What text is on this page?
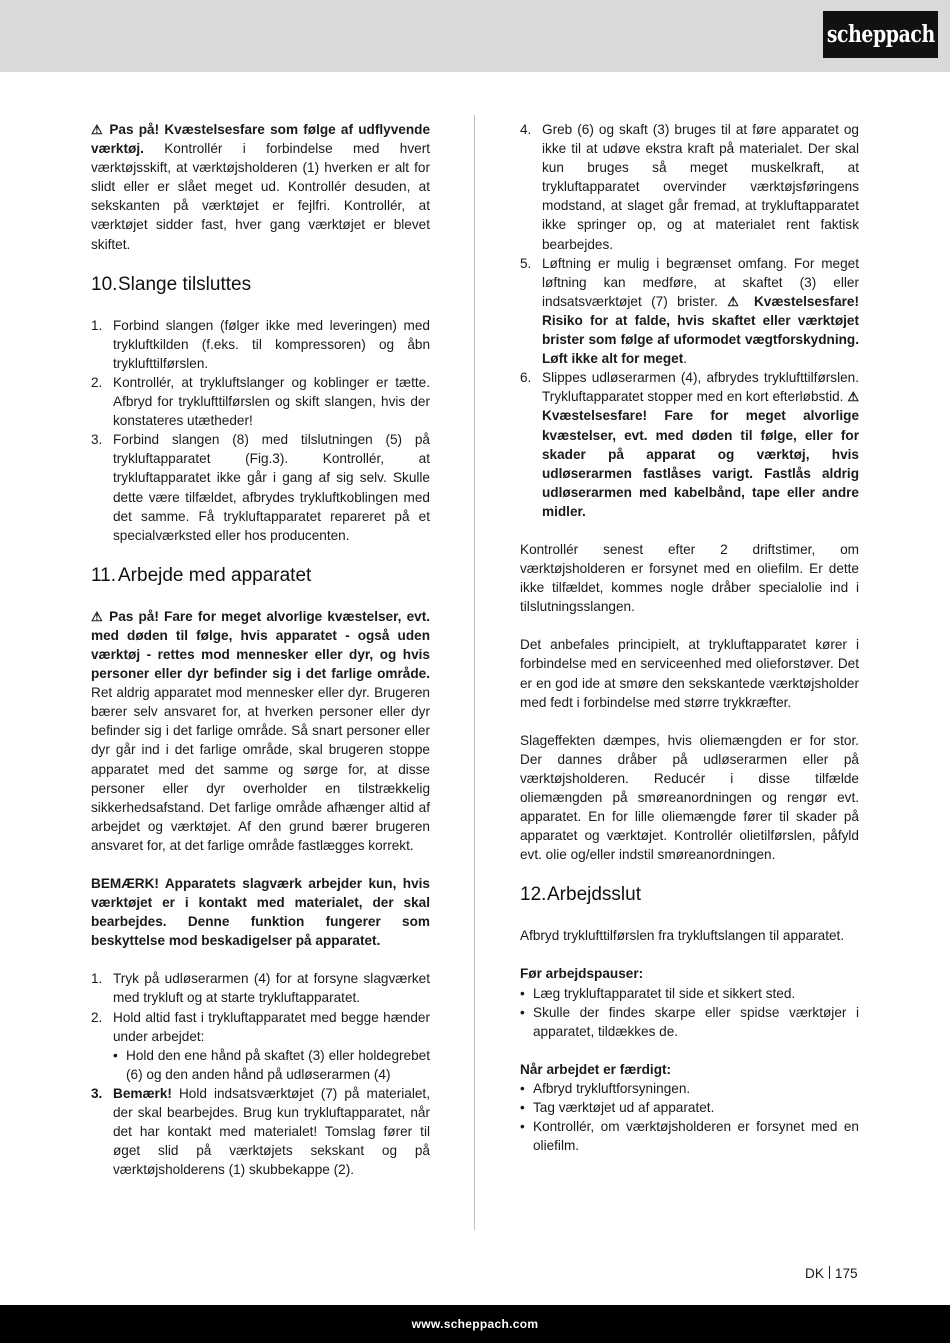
scheppach

⚠ Pas på! Kvæstelsesfare som følge af udflyvende værktøj. Kontrollér i forbindelse med hvert værktøjsskift, at værktøjsholderen (1) hverken er alt for slidt eller er slået meget ud. Kontrollér desuden, at sekskanten på værktøjet er fejlfri. Kontrollér, at værktøjet sidder fast, hver gang værktøjet er blevet skiftet.

10.Slange tilsluttes
1. Forbind slangen (følger ikke med leveringen) med trykluftkilden (f.eks. til kompressoren) og åbn tryklufttilførslen.
2. Kontrollér, at trykluftslanger og koblinger er tætte. Afbryd for tryklufttilførslen og skift slangen, hvis der konstateres utætheder!
3. Forbind slangen (8) med tilslutningen (5) på trykluftapparatet (Fig.3). Kontrollér, at trykluftapparatet ikke går i gang af sig selv. Skulle dette være tilfældet, afbrydes trykluftkoblingen med det samme. Få trykluftapparatet repareret på et specialværksted eller hos producenten.
11. Arbejde med apparatet

⚠ Pas på! Fare for meget alvorlige kvæstelser, evt. med døden til følge, hvis apparatet - også uden værktøj - rettes mod mennesker eller dyr, og hvis personer eller dyr befinder sig i det farlige område. Ret aldrig apparatet mod mennesker eller dyr. Brugeren bærer selv ansvaret for, at hverken personer eller dyr befinder sig i det farlige område. Så snart personer eller dyr går ind i det farlige område, skal brugeren stoppe apparatet med det samme og sørge for, at disse personer eller dyr overholder en tilstrækkelig sikkerhedsafstand. Det farlige område afhænger altid af arbejdet og værktøjet. Af den grund bærer brugeren ansvaret for, at det farlige område fastlægges korrekt.

BEMÆRK! Apparatets slagværk arbejder kun, hvis værktøjet er i kontakt med materialet, der skal bearbejdes. Denne funktion fungerer som beskyttelse mod beskadigelser på apparatet.

1. Tryk på udløserarmen (4) for at forsyne slagværket med trykluft og at starte trykluftapparatet.
2. Hold altid fast i trykluftapparatet med begge hænder under arbejdet:
• Hold den ene hånd på skaftet (3) eller holdegrebet (6) og den anden hånd på udløserarmen (4)
3. Bemærk! Hold indsatsværktøjet (7) på materialet, der skal bearbejdes. Brug kun trykluftapparatet, når det har kontakt med materialet! Tomslag fører til øget slid på værktøjets sekskant og på værktøjsholderens (1) skubbekappe (2).
4. Greb (6) og skaft (3) bruges til at føre apparatet og ikke til at udøve ekstra kraft på materialet. Der skal kun bruges så meget muskelkraft, at trykluftapparatet overvinder værktøjsføringens modstand, at slaget går fremad, at trykluftapparatet ikke springer op, og at materialet rent faktisk bearbejdes.
5. Løftning er mulig i begrænset omfang. For meget løftning kan medføre, at skaftet (3) eller indsatsværktøjet (7) brister. ⚠ Kvæstelsesfare! Risiko for at falde, hvis skaftet eller værktøjet brister som følge af uformodet vægtforskydning. Løft ikke alt for meget.
6. Slippes udløserarmen (4), afbrydes tryklufttilførslen. Trykluftapparatet stopper med en kort efterløbstid. ⚠ Kvæstelsesfare! Fare for meget alvorlige kvæstelser, evt. med døden til følge, eller for skader på apparat og værktøj, hvis udløserarmen fastlåses varigt. Fastlås aldrig udløserarmen med kabelbånd, tape eller andre midler.

Kontrollér senest efter 2 driftstimer, om værktøjsholderen er forsynet med en oliefilm. Er dette ikke tilfældet, kommes nogle dråber specialolie ind i tilslutningsslangen.

Det anbefales principielt, at trykluftapparatet kører i forbindelse med en serviceenhed med olieforstøver. Det er en god ide at smøre den sekskantede værktøjsholder med fedt i forbindelse med større trykkræfter.

Slageffekten dæmpes, hvis oliemængden er for stor. Der dannes dråber på udløserarmen eller på værktøjsholderen. Reducér i disse tilfælde oliemængden på smøreanordningen og rengør evt. apparatet. En for lille oliemængde fører til skader på apparatet og værktøjet. Kontrollér olietilførslen, påfyld evt. olie og/eller indstil smøreanordningen.

12.Arbejdsslut

Afbryd tryklufttilførslen fra trykluftslangen til apparatet.

Før arbejdspauser:

• Læg trykluftapparatet til side et sikkert sted.
• Skulle der findes skarpe eller spidse værktøjer i apparatet, tildækkes de.

Når arbejdet er færdigt:

• Afbryd trykluftforsyningen.
• Tag værktøjet ud af apparatet.
• Kontrollér, om værktøjsholderen er forsynet med en oliefilm.
DK 175
www.scheppach.com
